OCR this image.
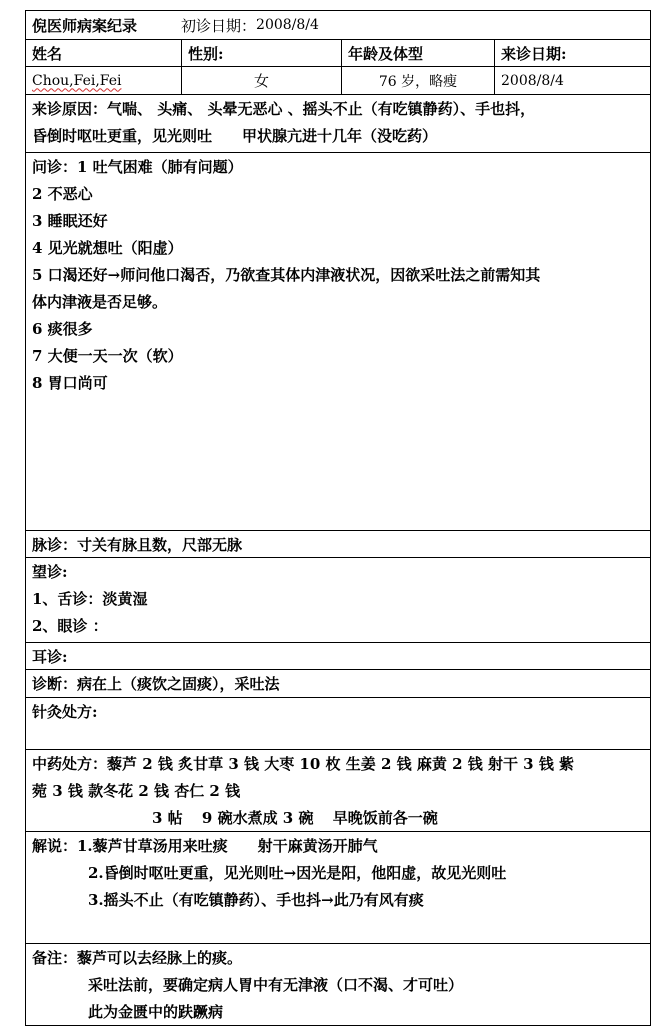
倪医师病案纪录	初诊日期： 2008/8/4
姓名	性别:	年龄及体型	来诊日期:
Chou,Fei,Fei	女	76 岁，略瘦	2008/8/4
来诊原因：气喘、 头痛、 头晕无恶心 、摇头不止（有吃镇静药）、手也抖，
昏倒时呕吐更重，见光则吐 甲状腺亢进十几年（没吃药）
问诊：1 吐气困难（肺有问题）
2 不恶心
3 睡眠还好
4 见光就想吐（阳虚）
5 口渴还好→师问他口渴否，乃欲查其体内津液状况，因欲采吐法之前需知其
体内津液是否足够。
6 痰很多
7 大便一天一次（软）
8 胃口尚可
脉诊：寸关有脉且数，尺部无脉
望诊:
1、舌诊：淡黄湿
2、眼诊 ：
耳诊:
诊断：病在上（痰饮之固痰），采吐法
针灸处方:
中药处方：藜芦 2 钱 炙甘草 3 钱 大枣 10 枚 生姜 2 钱 麻黄 2 钱 射干 3 钱 紫
菀 3 钱 款冬花 2 钱 杏仁 2 钱
3 帖 9 碗水煮成 3 碗 早晚饭前各一碗
解说：1.藜芦甘草汤用来吐痰 射干麻黄汤开肺气
2.昏倒时呕吐更重，见光则吐→因光是阳，他阳虚，故见光则吐
3.摇头不止（有吃镇静药）、手也抖→此乃有风有痰
备注：藜芦可以去经脉上的痰。
采吐法前，要确定病人胃中有无津液（口不渴、才可吐）
此为金匮中的趺蹶病
